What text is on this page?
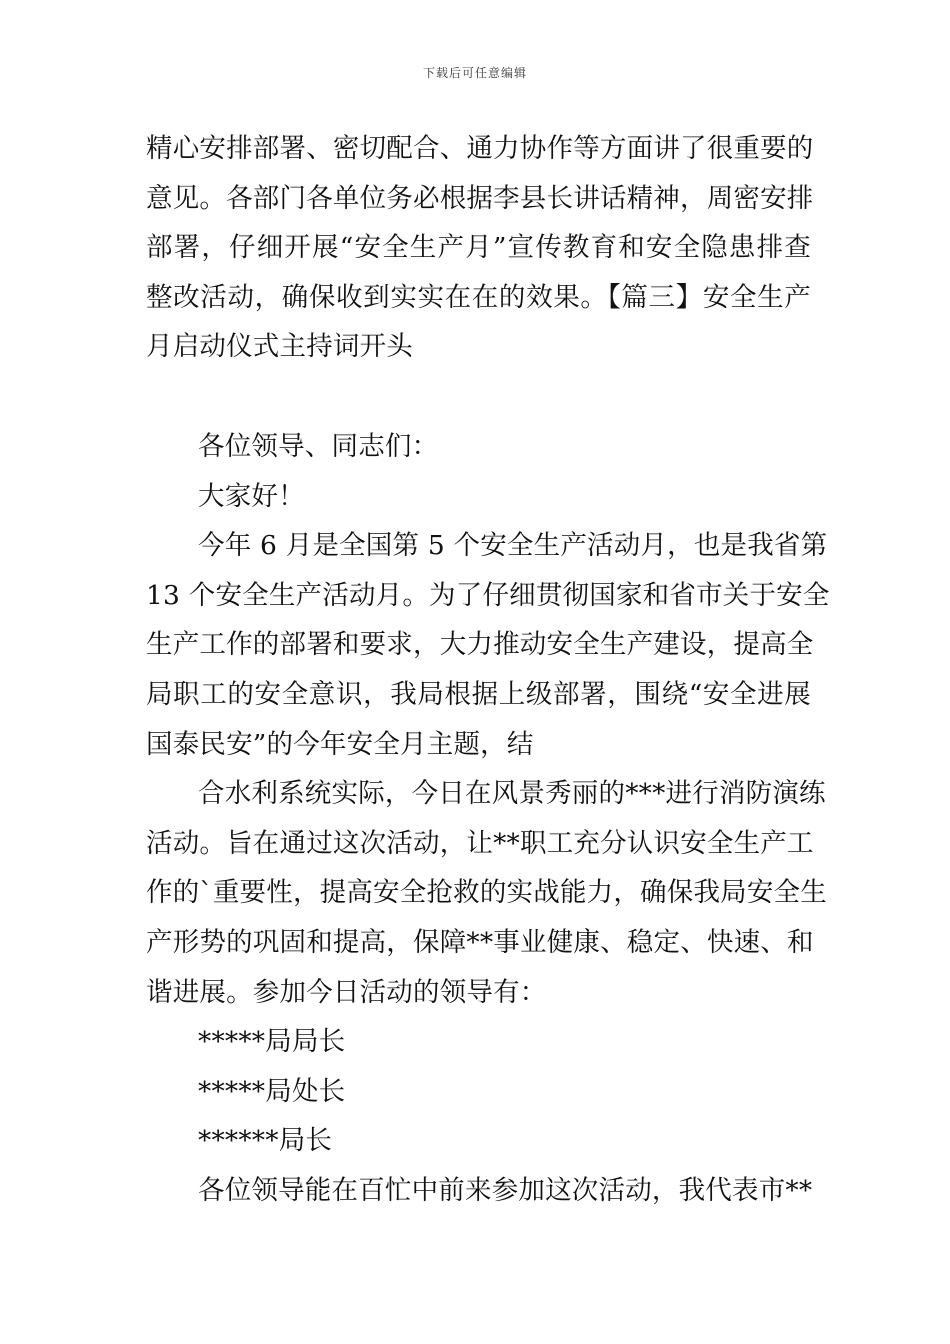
下载后可任意编辑
精心安排部署、密切配合、通力协作等方面讲了很重要的
意见。各部门各单位务必根据李县长讲话精神，周密安排
部署，仔细开展“安全生产月”宣传教育和安全隐患排查
整改活动，确保收到实实在在的效果。【篇三】安全生产
月启动仪式主持词开头
各位领导、同志们：
大家好！
今年 6 月是全国第 5 个安全生产活动月，也是我省第
13 个安全生产活动月。为了仔细贯彻国家和省市关于安全
生产工作的部署和要求，大力推动安全生产建设，提高全
局职工的安全意识，我局根据上级部署，围绕“安全进展
国泰民安”的今年安全月主题，结
合水利系统实际，今日在风景秀丽的***进行消防演练
活动。旨在通过这次活动，让**职工充分认识安全生产工
作的`重要性，提高安全抢救的实战能力，确保我局安全生
产形势的巩固和提高，保障**事业健康、稳定、快速、和
谐进展。参加今日活动的领导有：
*****局局长
*****局处长
******局长
各位领导能在百忙中前来参加这次活动，我代表市**
